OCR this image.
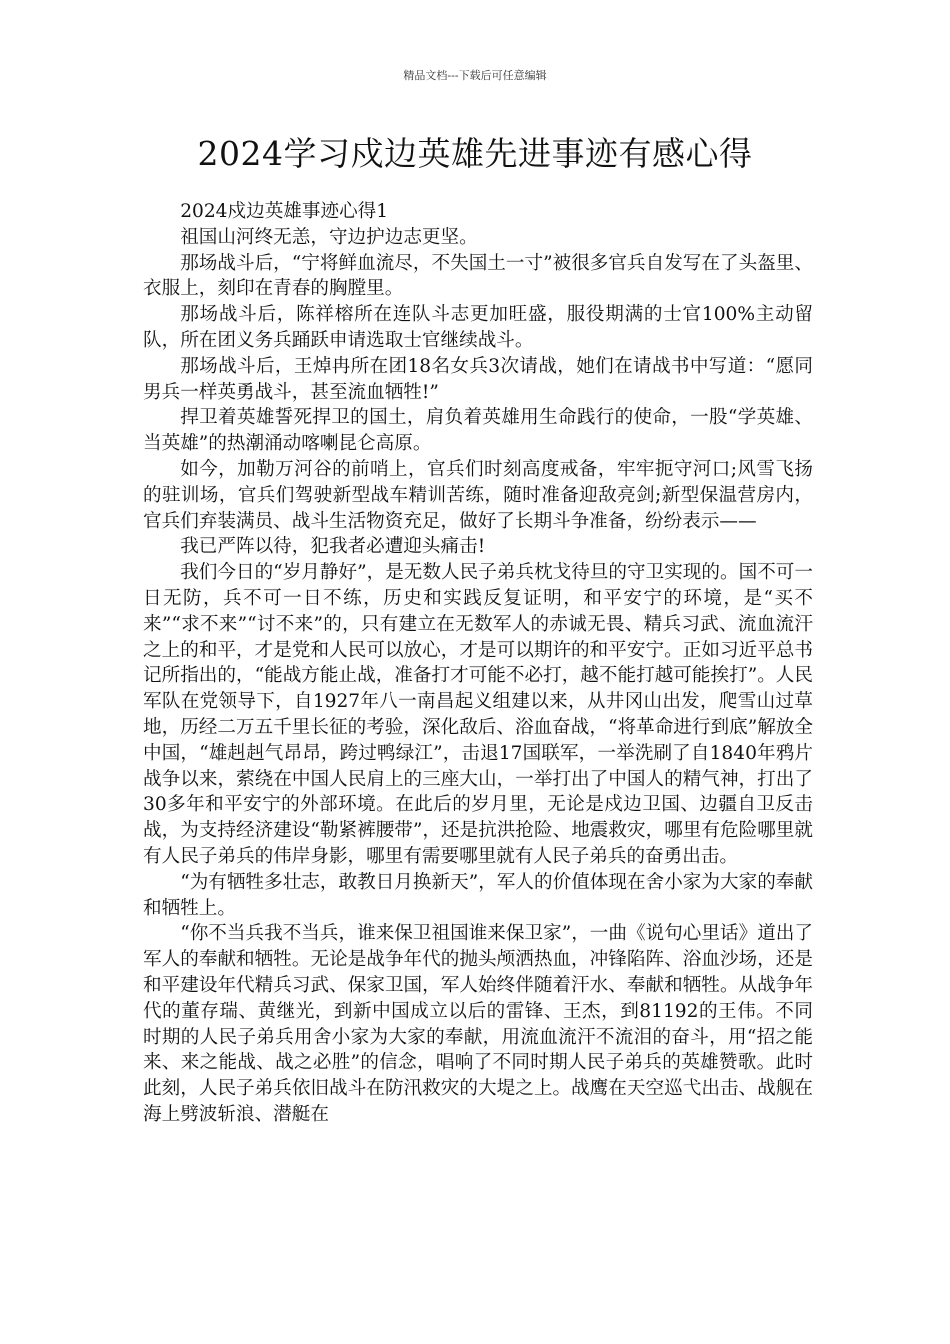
精品文档---下载后可任意编辑
2024学习戍边英雄先进事迹有感心得

2024戍边英雄事迹心得1

祖国山河终无恙，守边护边志更坚。

那场战斗后，“宁将鲜血流尽，不失国土一寸”被很多官兵自发写在了头盔里、衣服上，刻印在青春的胸膛里。

那场战斗后，陈祥榕所在连队斗志更加旺盛，服役期满的士官100%主动留队，所在团义务兵踊跃申请选取士官继续战斗。

那场战斗后，王焯冉所在团18名女兵3次请战，她们在请战书中写道：“愿同男兵一样英勇战斗，甚至流血牺牲!”

捍卫着英雄誓死捍卫的国土，肩负着英雄用生命践行的使命，一股“学英雄、当英雄”的热潮涌动喀喇昆仑高原。

如今，加勒万河谷的前哨上，官兵们时刻高度戒备，牢牢扼守河口;风雪飞扬的驻训场，官兵们驾驶新型战车精训苦练，随时准备迎敌亮剑;新型保温营房内，官兵们弃装满员、战斗生活物资充足，做好了长期斗争准备，纷纷表示——

我已严阵以待，犯我者必遭迎头痛击!

我们今日的“岁月静好”，是无数人民子弟兵枕戈待旦的守卫实现的。国不可一日无防，兵不可一日不练，历史和实践反复证明，和平安宁的环境，是“买不来”“求不来”“讨不来”的，只有建立在无数军人的赤诚无畏、精兵习武、流血流汗之上的和平，才是党和人民可以放心，才是可以期许的和平安宁。正如习近平总书记所指出的，“能战方能止战，准备打才可能不必打，越不能打越可能挨打”。人民军队在党领导下，自1927年八一南昌起义组建以来，从井冈山出发，爬雪山过草地，历经二万五千里长征的考验，深化敌后、浴血奋战，“将革命进行到底”解放全中国，“雄赳赳气昂昂，跨过鸭绿江”，击退17国联军，一举洗刷了自1840年鸦片战争以来，萦绕在中国人民肩上的三座大山，一举打出了中国人的精气神，打出了30多年和平安宁的外部环境。在此后的岁月里，无论是戍边卫国、边疆自卫反击战，为支持经济建设“勒紧裤腰带”，还是抗洪抢险、地震救灾，哪里有危险哪里就有人民子弟兵的伟岸身影，哪里有需要哪里就有人民子弟兵的奋勇出击。

“为有牺牲多壮志，敢教日月换新天”，军人的价值体现在舍小家为大家的奉献和牺牲上。

“你不当兵我不当兵，谁来保卫祖国谁来保卫家”，一曲《说句心里话》道出了军人的奉献和牺牲。无论是战争年代的抛头颅洒热血，冲锋陷阵、浴血沙场，还是和平建设年代精兵习武、保家卫国，军人始终伴随着汗水、奉献和牺牲。从战争年代的董存瑞、黄继光，到新中国成立以后的雷锋、王杰，到81192的王伟。不同时期的人民子弟兵用舍小家为大家的奉献，用流血流汗不流泪的奋斗，用“招之能来、来之能战、战之必胜”的信念，唱响了不同时期人民子弟兵的英雄赞歌。此时此刻，人民子弟兵依旧战斗在防汛救灾的大堤之上。战鹰在天空巡弋出击、战舰在海上劈波斩浪、潜艇在
